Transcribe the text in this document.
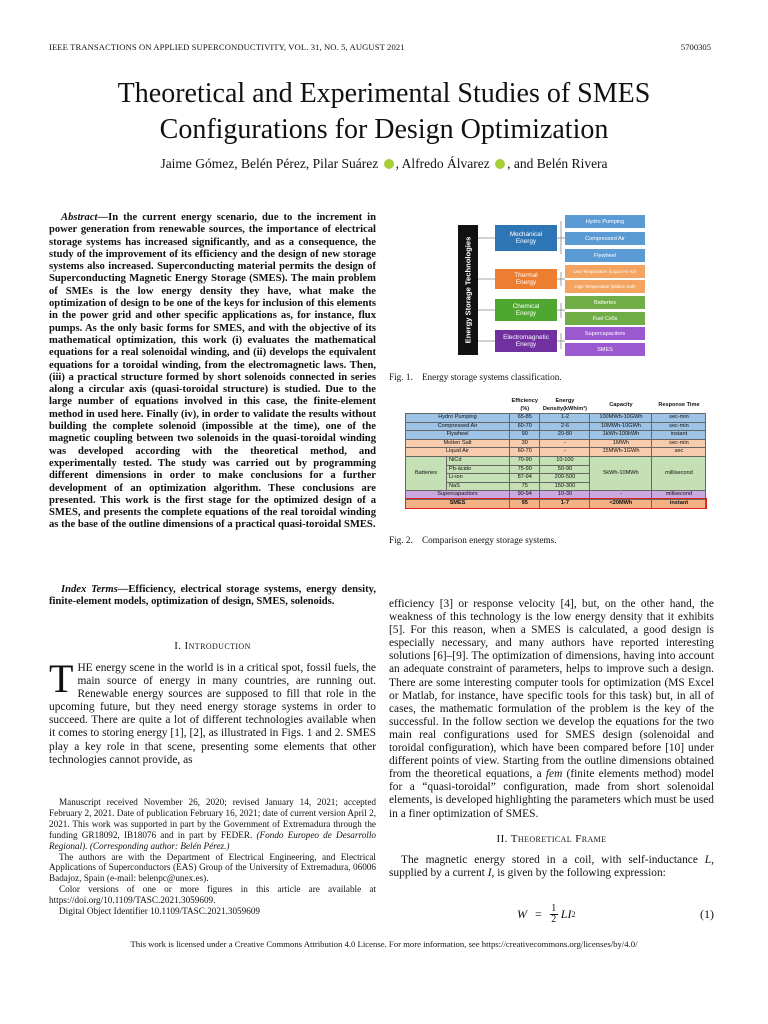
IEEE TRANSACTIONS ON APPLIED SUPERCONDUCTIVITY, VOL. 31, NO. 5, AUGUST 2021	5700305
Theoretical and Experimental Studies of SMES
Configurations for Design Optimization
Jaime Gómez, Belén Pérez, Pilar Suárez , Alfredo Álvarez , and Belén Rivera

Abstract—In the current energy scenario, due to the increment in power generation from renewable sources, the importance of electrical storage systems has increased significantly, and as a consequence, the study of the improvement of its efficiency and the design of new storage systems also increased. Superconducting material permits the design of Superconducting Magnetic Energy Storage (SMES). The main problem of SMEs is the low energy density they have, what make the optimization of design to be one of the keys for inclusion of this elements in the power grid and other specific applications as, for instance, flux pumps. As the only basic forms for SMES, and with the objective of its mathematical optimization, this work (i) evaluates the mathematical equations for a real solenoidal winding, and (ii) develops the equivalent equations for a toroidal winding, from the electromagnetic laws. Then, (iii) a practical structure formed by short solenoids connected in series along a circular axis (quasi-toroidal structure) is studied. Due to the large number of equations involved in this case, the finite-element method in used here. Finally (iv), in order to validate the results without building the complete solenoid (impossible at the time), one of the magnetic coupling between two solenoids in the quasi-toroidal winding was developed according with the theoretical method, and experimentally tested. The study was carried out by programming different dimensions in order to make conclusions for a further development of an optimization algorithm. These conclusions are presented. This work is the first stage for the optimized design of a SMES, and presents the complete equations of the real toroidal winding as the base of the outline dimensions of a practical quasi-toroidal SMES.

Index Terms—Efficiency, electrical storage systems, energy density, finite-element models, optimization of design, SMES, solenoids.

I. Introduction

THE energy scene in the world is in a critical spot, fossil fuels, the main source of energy in many countries, are running out. Renewable energy sources are supposed to fill that role in the upcoming future, but they need energy storage systems in order to succeed. There are quite a lot of different technologies available when it comes to storing energy [1], [2], as illustrated in Figs. 1 and 2. SMES play a key role in that scene, presenting some elements that other technologies cannot provide, as

Manuscript received November 26, 2020; revised January 14, 2021; accepted February 2, 2021. Date of publication February 16, 2021; date of current version April 2, 2021. This work was supported in part by the Government of Extremadura through the funding GR18092, IB18076 and in part by FEDER. (Fondo Europeo de Desarrollo Regional). (Corresponding author: Belén Pérez.)

The authors are with the Department of Electrical Engineering, and Electrical Applications of Superconductors (EAS) Group of the University of Extremadura, 06006 Badajoz, Spain (e-mail: belenpc@unex.es).

Color versions of one or more figures in this article are available at https://doi.org/10.1109/TASC.2021.3059609.

Digital Object Identifier 10.1109/TASC.2021.3059609

Energy Storage Technologies
Mechanical
Energy
Thermal
Energy
Chemical
Energy
Electromagnetic
Energy
Hydro Pumping
Compressed Air
Flywheel
Low Temperature (Liquid Air H2)
High Temperature (Molten Salt)
Batteries
Fuel Cells
Supercapacitors
SMES
Fig. 1. Energy storage systems classification.
		Efficiency (%)	Energy Density(kWh/m³)	Capacity	Response Time
Hydro Pumping		65-85	1-2	100MWh-10GWh	sec-min
Compressed Air		60-70	2-6	10MWh-10GWh	sec-min
Flywheel		90	20-80	1kWh-100kWh	instant
Molten Salt		30	-	1MWh	sec-min
Liquid Air		60-70	-	15MWh-1GWh	sec
Batteries	NiCd	70-90	10-100	5kWh-10MWh	millisecond
	Pb-ácido	75-90	50-90		
	Li-ion	87-94	200-500		
	NaS	75	150-300		
Supercapacitors		90-94	10-30	-	milisecond
SMES		95	1-7	<20MWh	instant
Fig. 2. Comparison energy storage systems.

efficiency [3] or response velocity [4], but, on the other hand, the weakness of this technology is the low energy density that it exhibits [5]. For this reason, when a SMES is calculated, a good design is especially necessary, and many authors have reported interesting solutions [6]–[9]. The optimization of dimensions, having into account an adequate constraint of parameters, helps to improve such a design. There are some interesting computer tools for optimization (MS Excel or Matlab, for instance, have specific tools for this task) but, in all of cases, the mathematic formulation of the problem is the key of the successful. In the follow section we develop the equations for the two main real configurations used for SMES design (solenoidal and toroidal configuration), which have been compared before [10] under different points of view. Starting from the outline dimensions obtained from the theoretical equations, a fem (finite elements method) model for a “quasi-toroidal” configuration, made from short solenoidal elements, is developed highlighting the parameters which must be used in a finer optimization of SMES.

II. Theoretical Frame

The magnetic energy stored in a coil, with self-inductance L, supplied by a current I, is given by the following expression:

W = 1
2 LI 2	(1)
This work is licensed under a Creative Commons Attribution 4.0 License. For more information, see https://creativecommons.org/licenses/by/4.0/
